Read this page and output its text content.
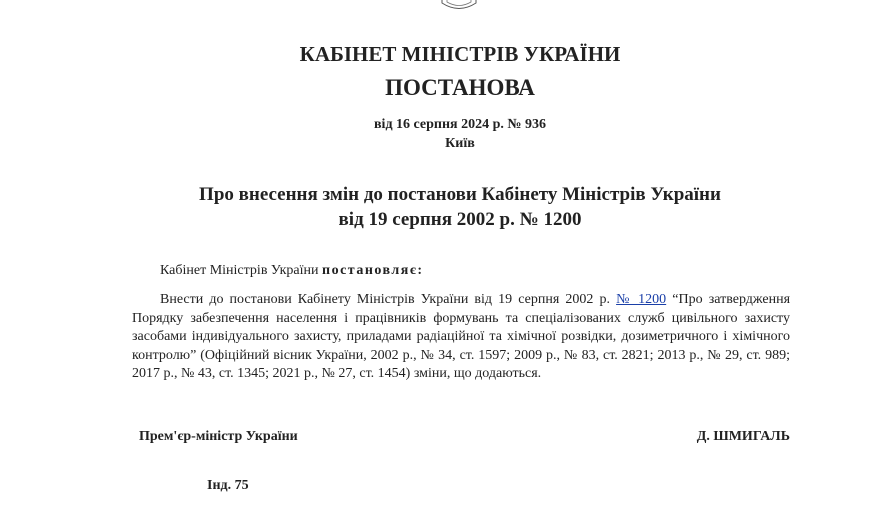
КАБІНЕТ МІНІСТРІВ УКРАЇНИ
ПОСТАНОВА
від 16 серпня 2024 р. № 936
Київ
Про внесення змін до постанови Кабінету Міністрів України
від 19 серпня 2002 р. № 1200
Кабінет Міністрів України постановляє:
Внести до постанови Кабінету Міністрів України від 19 серпня 2002 р. № 1200 “Про затвердження Порядку забезпечення населення і працівників формувань та спеціалізованих служб цивільного захисту засобами індивідуального захисту, приладами радіаційної та хімічної розвідки, дозиметричного і хімічного контролю” (Офіційний вісник України, 2002 р., № 34, ст. 1597; 2009 р., № 83, ст. 2821; 2013 р., № 29, ст. 989; 2017 р., № 43, ст. 1345; 2021 р., № 27, ст. 1454) зміни, що додаються.
Прем'єр-міністр України	Д. ШМИГАЛЬ
Інд. 75
